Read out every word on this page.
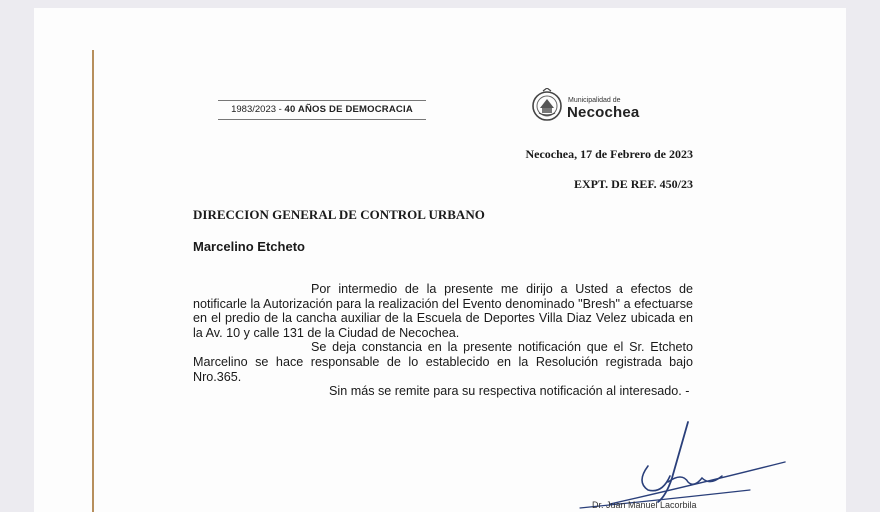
1983/2023 - 40 AÑOS DE DEMOCRACIA
Municipalidad de
Necochea
Necochea, 17 de Febrero de 2023
EXPT. DE REF. 450/23
DIRECCION GENERAL DE CONTROL URBANO
Marcelino Etcheto

Por intermedio de la presente me dirijo a Usted a efectos de notificarle la Autorización para la realización del Evento denominado "Bresh" a efectuarse en el predio de la cancha auxiliar de la Escuela de Deportes Villa Diaz Velez ubicada en la Av. 10 y calle 131 de la Ciudad de Necochea.

Se deja constancia en la presente notificación que el Sr. Etcheto Marcelino se hace responsable de lo establecido en la Resolución registrada bajo Nro.365.

Sin más se remite para su respectiva notificación al interesado. -

Dr. Juan Manuel Lacorbila
